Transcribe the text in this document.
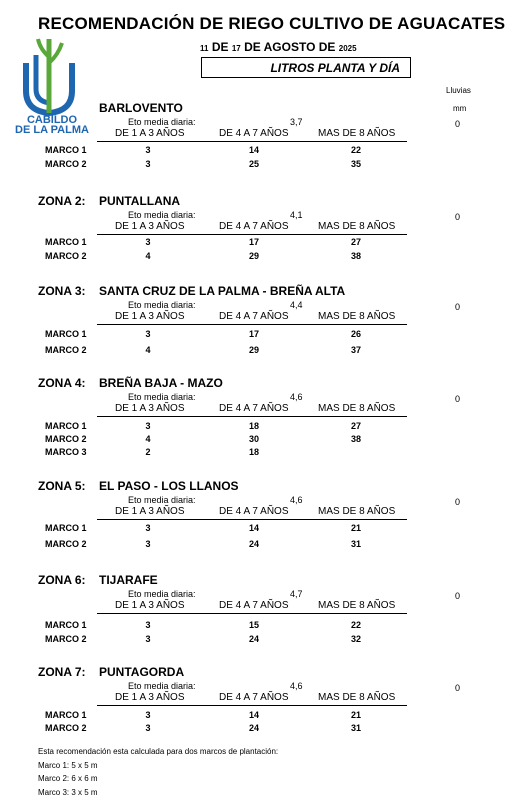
RECOMENDACIÓN DE RIEGO CULTIVO DE AGUACATES
11 DE 17 DE AGOSTO DE 2025
LITROS PLANTA Y DÍA
CABILDO
DE LA PALMA
Lluvias
mm
BARLOVENTO
Eto media diaria:	3,7	0
DE 1 A 3 AÑOS	DE 4 A 7 AÑOS	MAS DE 8 AÑOS
MARCO 1	3	14	22
MARCO 2	3	25	35
ZONA 2: PUNTALLANA
Eto media diaria:	4,1	0
DE 1 A 3 AÑOS	DE 4 A 7 AÑOS	MAS DE 8 AÑOS
MARCO 1	3	17	27
MARCO 2	4	29	38
ZONA 3: SANTA CRUZ DE LA PALMA - BREÑA ALTA
Eto media diaria:	4,4	0
DE 1 A 3 AÑOS	DE 4 A 7 AÑOS	MAS DE 8 AÑOS
MARCO 1	3	17	26
MARCO 2	4	29	37
ZONA 4: BREÑA BAJA - MAZO
Eto media diaria:	4,6	0
DE 1 A 3 AÑOS	DE 4 A 7 AÑOS	MAS DE 8 AÑOS
MARCO 1	3	18	27
MARCO 2	4	30	38
MARCO 3	2	18
ZONA 5: EL PASO - LOS LLANOS
Eto media diaria:	4,6	0
DE 1 A 3 AÑOS	DE 4 A 7 AÑOS	MAS DE 8 AÑOS
MARCO 1	3	14	21
MARCO 2	3	24	31
ZONA 6: TIJARAFE
Eto media diaria:	4,7	0
DE 1 A 3 AÑOS	DE 4 A 7 AÑOS	MAS DE 8 AÑOS
MARCO 1	3	15	22
MARCO 2	3	24	32
ZONA 7: PUNTAGORDA
Eto media diaria:	4,6	0
DE 1 A 3 AÑOS	DE 4 A 7 AÑOS	MAS DE 8 AÑOS
MARCO 1	3	14	21
MARCO 2	3	24	31
Esta recomendación esta calculada para dos marcos de plantación:
Marco 1: 5 x 5 m
Marco 2: 6 x 6 m
Marco 3: 3 x 5 m
